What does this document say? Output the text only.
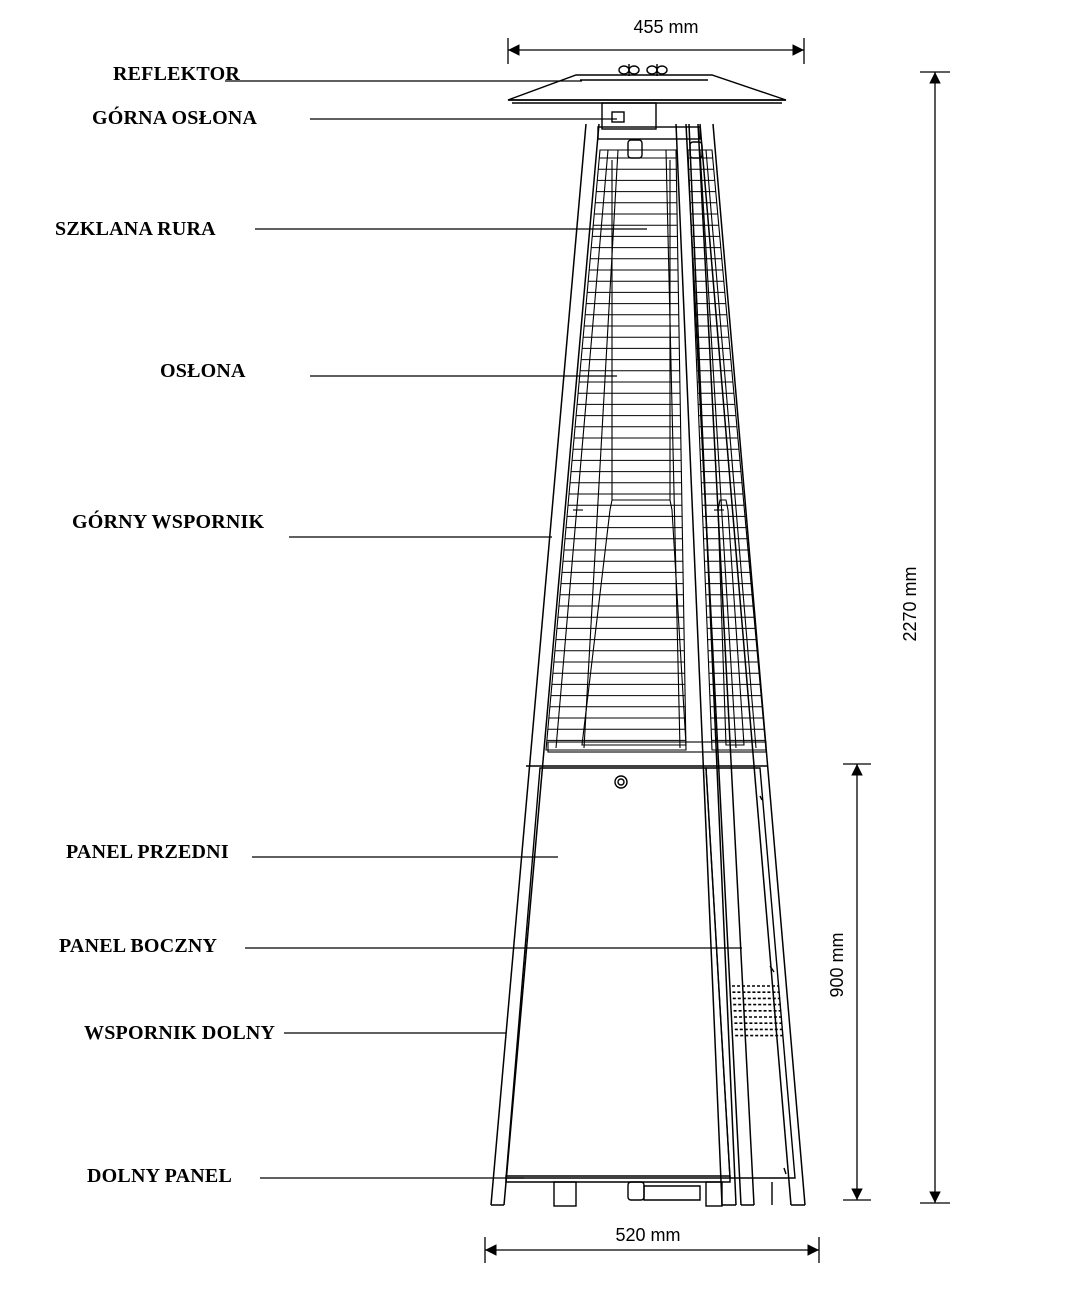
455 mm
2270 mm
900 mm
520 mm
REFLEKTOR
GÓRNA OSŁONA
SZKLANA RURA
OSŁONA
GÓRNY WSPORNIK
PANEL PRZEDNI
PANEL BOCZNY
WSPORNIK DOLNY
DOLNY PANEL
